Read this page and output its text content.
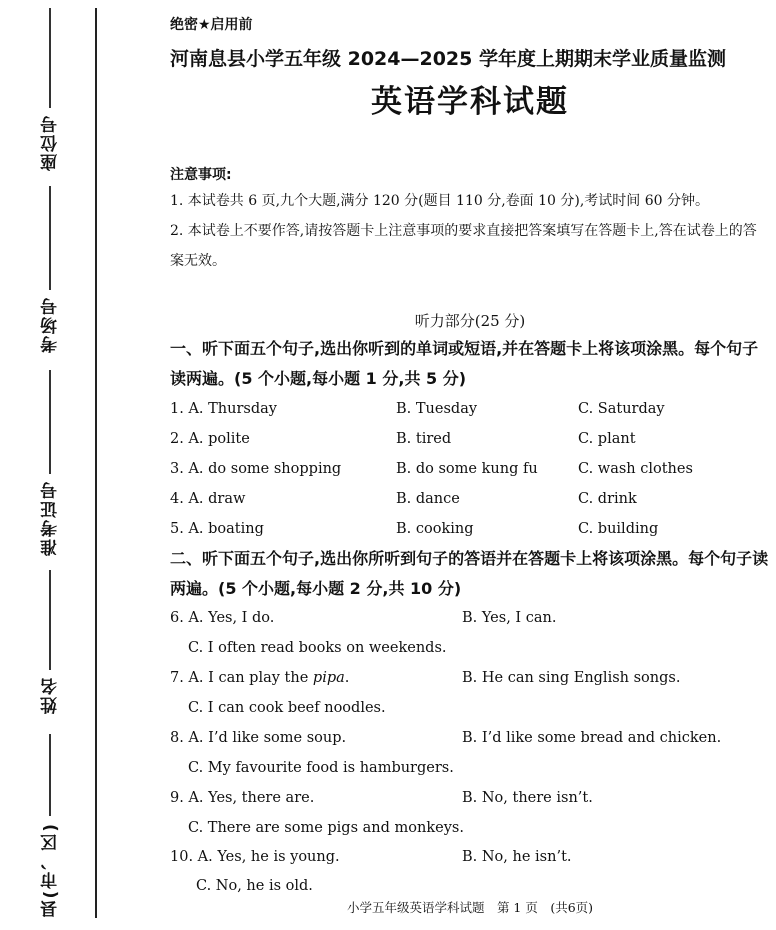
座位号
考场号
准考证号
姓名
县(市、区)
绝密★启用前
河南息县小学五年级 2024—2025 学年度上期期末学业质量监测
英语学科试题
注意事项:
1. 本试卷共 6 页,九个大题,满分 120 分(题目 110 分,卷面 10 分),考试时间 60 分钟。
2. 本试卷上不要作答,请按答题卡上注意事项的要求直接把答案填写在答题卡上,答在试卷上的答案无效。
听力部分(25 分)
一、听下面五个句子,选出你听到的单词或短语,并在答题卡上将该项涂黑。每个句子读两遍。(5 个小题,每小题 1 分,共 5 分)
1. A. Thursday	B. Tuesday	C. Saturday
2. A. polite	B. tired	C. plant
3. A. do some shopping	B. do some kung fu	C. wash clothes
4. A. draw	B. dance	C. drink
5. A. boating	B. cooking	C. building
二、听下面五个句子,选出你所听到句子的答语并在答题卡上将该项涂黑。每个句子读两遍。(5 个小题,每小题 2 分,共 10 分)
6. A. Yes, I do.	B. Yes, I can.
C. I often read books on weekends.
7. A. I can play the pipa.	B. He can sing English songs.
C. I can cook beef noodles.
8. A. I’d like some soup.	B. I’d like some bread and chicken.
C. My favourite food is hamburgers.
9. A. Yes, there are.	B. No, there isn’t.
C. There are some pigs and monkeys.
10. A. Yes, he is young.	B. No, he isn’t.
C. No, he is old.
小学五年级英语学科试题　第 1 页　(共6页)
